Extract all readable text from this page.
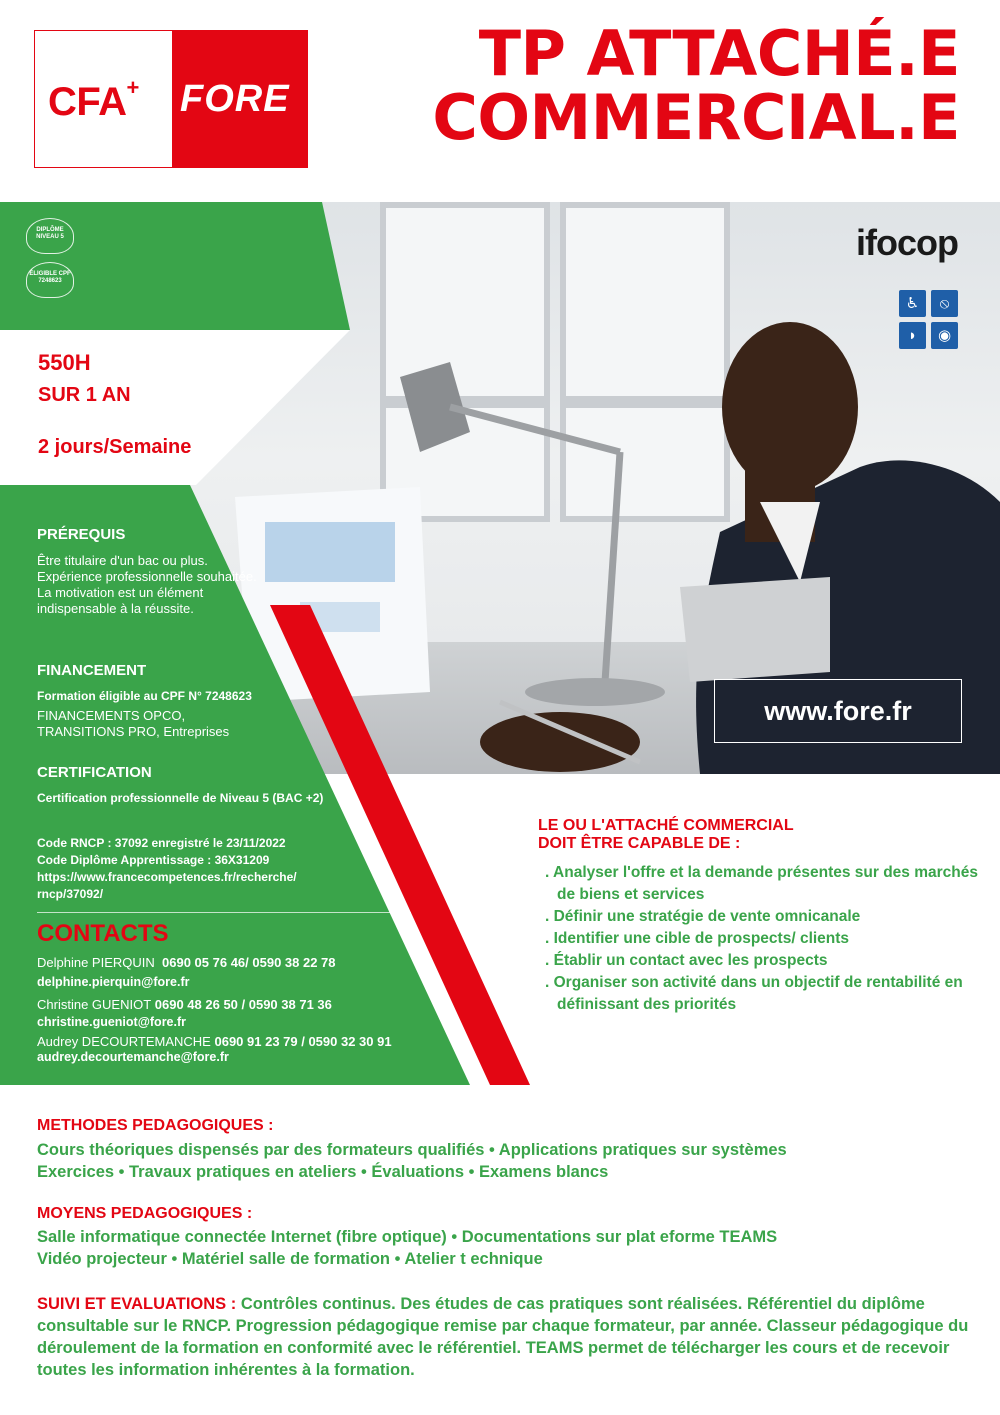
CFA+ FORE
TP ATTACHÉ.E
COMMERCIAL.E
DIPLÔME NIVEAU 5
ÉLIGIBLE CPF 7248623
550H
SUR 1 AN
2 jours/Semaine
PRÉREQUIS
Être titulaire d'un bac ou plus. Expérience professionnelle souhaitée. La motivation est un élément indispensable à la réussite.
FINANCEMENT
Formation éligible au CPF N° 7248623
FINANCEMENTS OPCO,
TRANSITIONS PRO, Entreprises
CERTIFICATION
Certification professionnelle de Niveau 5 (BAC +2)
Code RNCP : 37092 enregistré le 23/11/2022
Code Diplôme Apprentissage : 36X31209
https://www.francecompetences.fr/recherche/
rncp/37092/
CONTACTS
Delphine PIERQUIN 0690 05 76 46/ 0590 38 22 78
delphine.pierquin@fore.fr
Christine GUENIOT 0690 48 26 50 / 0590 38 71 36
christine.gueniot@fore.fr
Audrey DECOURTEMANCHE 0690 91 23 79 / 0590 32 30 91
audrey.decourtemanche@fore.fr
ifocop
♿	⦸
◗	◉
www.fore.fr
LE OU L'ATTACHÉ COMMERCIAL
DOIT ÊTRE CAPABLE DE :
. Analyser l'offre et la demande présentes sur des marchés de biens et services
. Définir une stratégie de vente omnicanale
. Identifier une cible de prospects/ clients
. Établir un contact avec les prospects
. Organiser son activité dans un objectif de rentabilité en définissant des priorités
METHODES PEDAGOGIQUES :
Cours théoriques dispensés par des formateurs qualifiés • Applications pratiques sur systèmes
Exercices • Travaux pratiques en ateliers • Évaluations • Examens blancs
MOYENS PEDAGOGIQUES :
Salle informatique connectée Internet (fibre optique) • Documentations sur plat eforme TEAMS
Vidéo projecteur • Matériel salle de formation • Atelier t echnique
SUIVI ET EVALUATIONS : Contrôles continus. Des études de cas pratiques sont réalisées. Référentiel du diplôme consultable sur le RNCP. Progression pédagogique remise par chaque formateur, par année. Classeur pédagogique du déroulement de la formation en conformité avec le référentiel. TEAMS permet de télécharger les cours et de recevoir toutes les information inhérentes à la formation.
